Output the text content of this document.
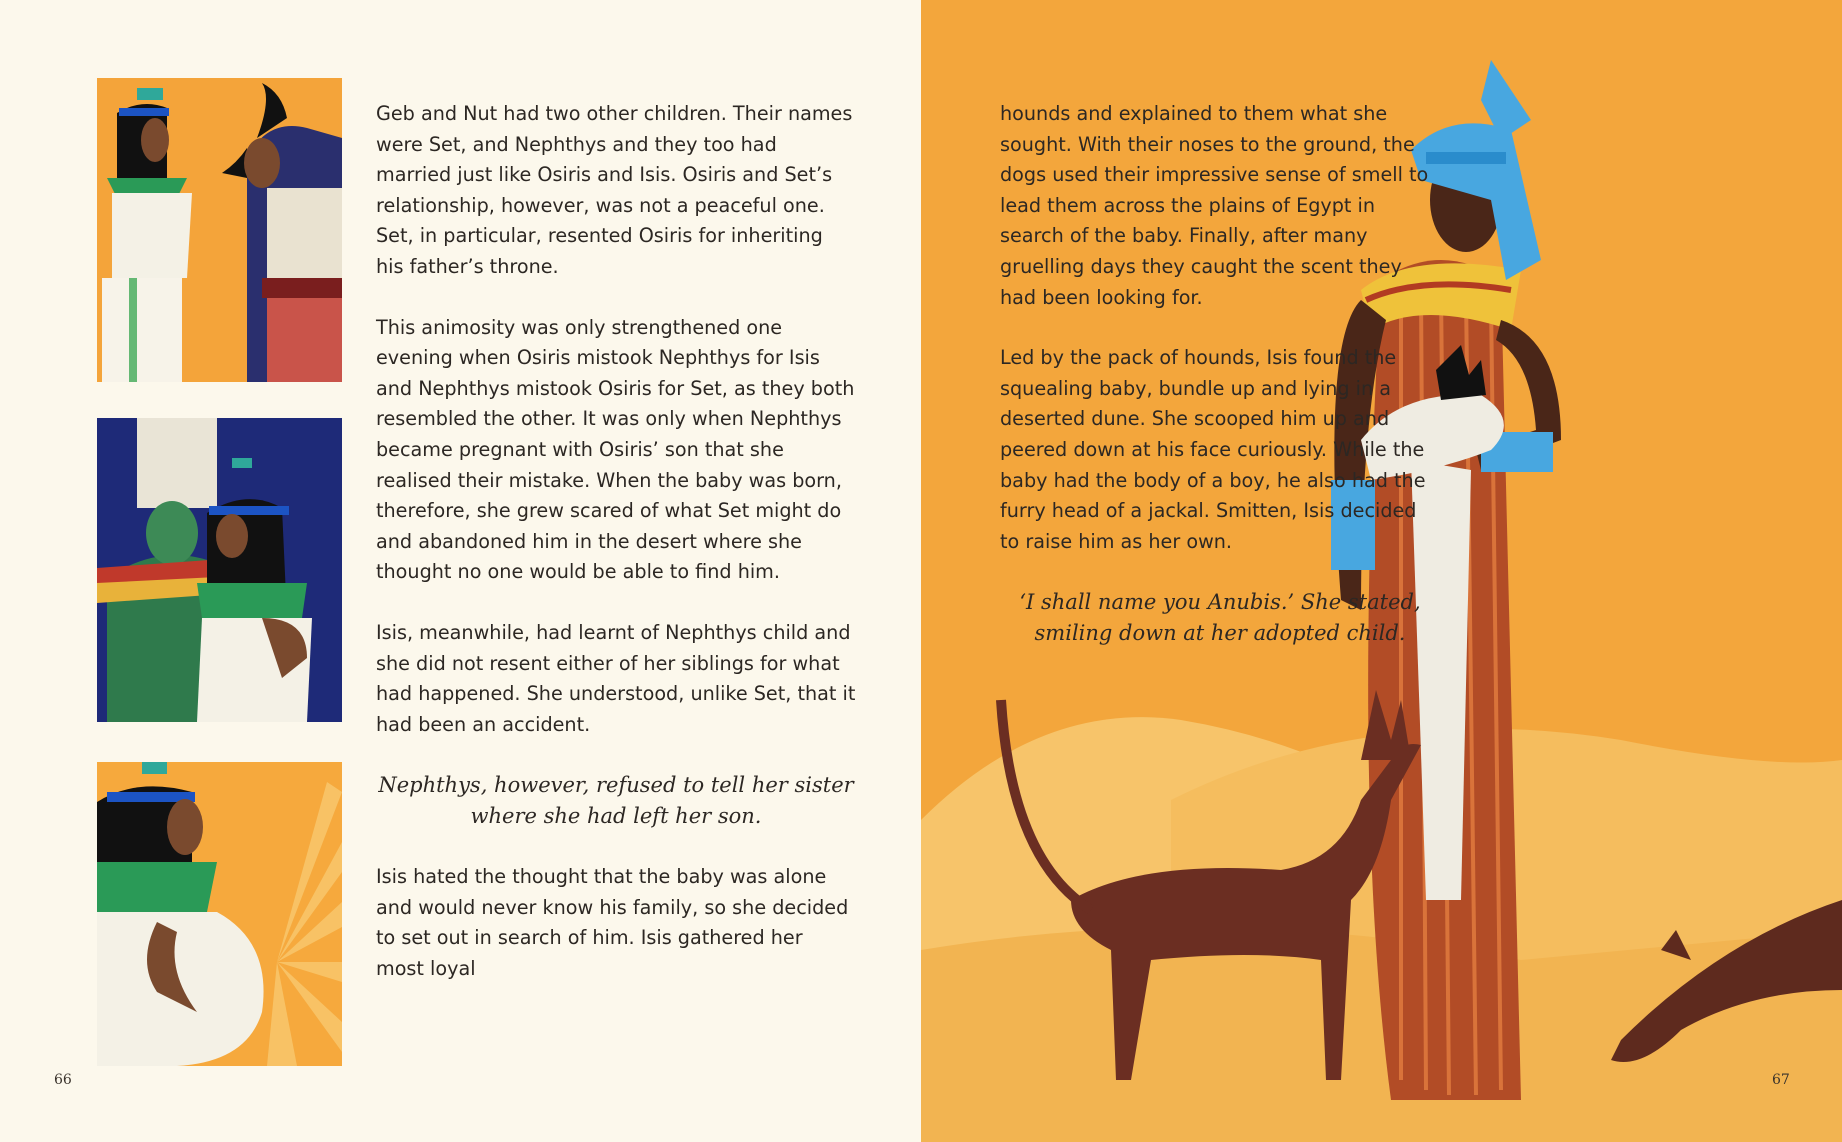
Geb and Nut had two other children. Their names were Set, and Nephthys and they too had married just like Osiris and Isis. Osiris and Set’s relationship, however, was not a peaceful one. Set, in particular, resented Osiris for inheriting his father’s throne.

This animosity was only strengthened one evening when Osiris mistook Nephthys for Isis and Nephthys mistook Osiris for Set, as they both resembled the other. It was only when Nephthys became pregnant with Osiris’ son that she realised their mistake. When the baby was born, therefore, she grew scared of what Set might do and abandoned him in the desert where she thought no one would be able to find him.

Isis, meanwhile, had learnt of Nephthys child and she did not resent either of her siblings for what had happened. She understood, unlike Set, that it had been an accident.

Nephthys, however, refused to tell her sister where she had left her son.

Isis hated the thought that the baby was alone and would never know his family, so she decided to set out in search of him. Isis gathered her most loyal

66

hounds and explained to them what she sought. With their noses to the ground, the dogs used their impressive sense of smell to lead them across the plains of Egypt in search of the baby. Finally, after many gruelling days they caught the scent they had been looking for.

Led by the pack of hounds, Isis found the squealing baby, bundle up and lying in a deserted dune. She scooped him up and peered down at his face curiously. While the baby had the body of a boy, he also had the furry head of a jackal. Smitten, Isis decided to raise him as her own.

‘I shall name you Anubis.’ She stated, smiling down at her adopted child.

67
